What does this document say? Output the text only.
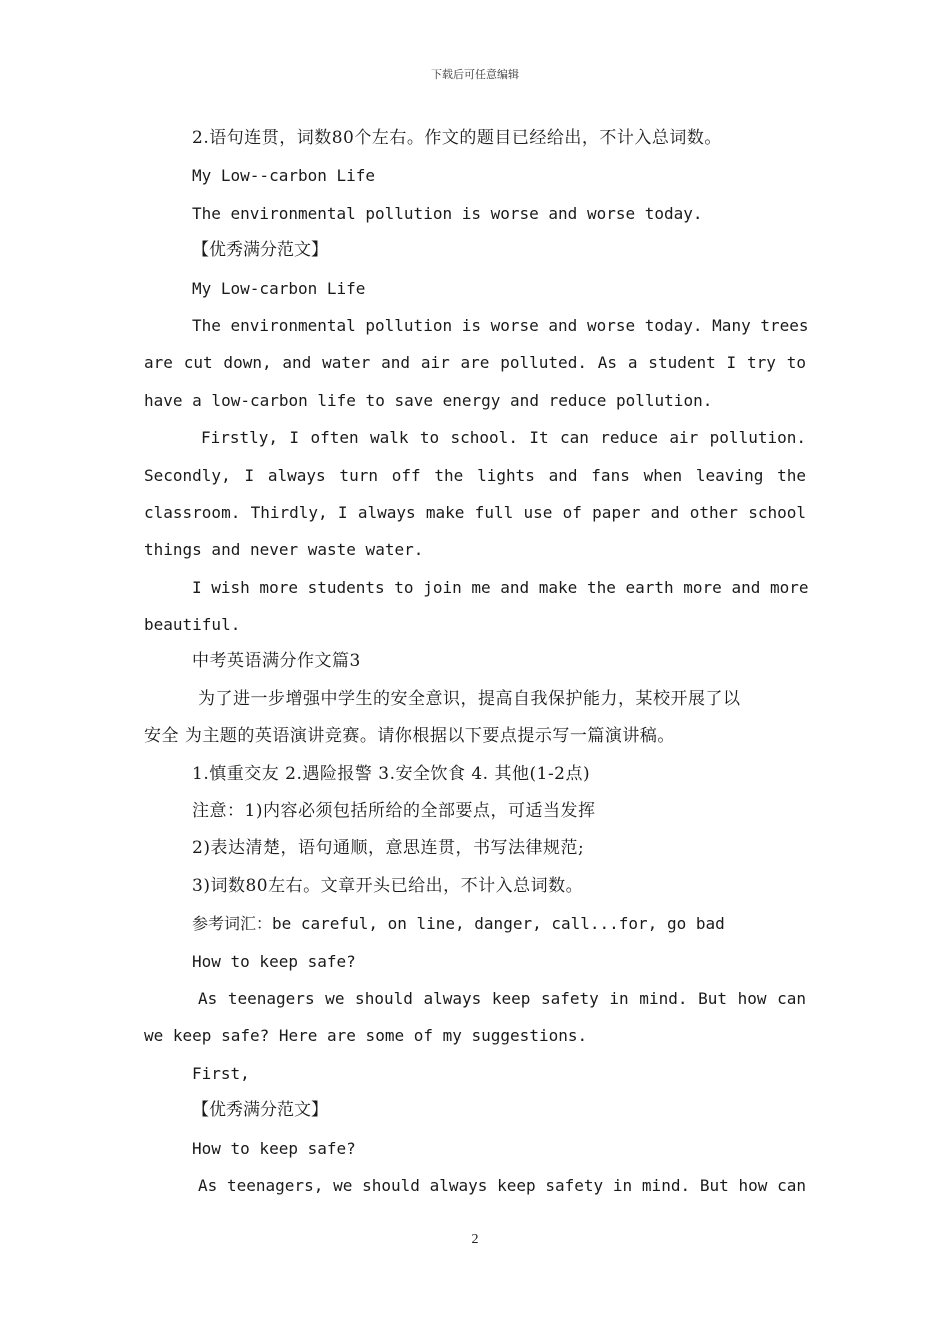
下载后可任意编辑
2.语句连贯，词数80个左右。作文的题目已经给出，不计入总词数。
My Low--carbon Life
The environmental pollution is worse and worse today.
【优秀满分范文】
My Low-carbon Life
The environmental pollution is worse and worse today. Many trees
are cut down, and water and air are polluted. As a student I try to
have a low-carbon life to save energy and reduce pollution.
Firstly, I often walk to school. It can reduce air pollution.
Secondly, I always turn off the lights and fans when leaving the
classroom. Thirdly, I always make full use of paper and other school
things and never waste water.
I wish more students to join me and make the earth more and more
beautiful.
中考英语满分作文篇3
为了进一步增强中学生的安全意识，提高自我保护能力，某校开展了以
安全 为主题的英语演讲竞赛。请你根据以下要点提示写一篇演讲稿。
1.慎重交友 2.遇险报警 3.安全饮食 4. 其他(1-2点)
注意：1)内容必须包括所给的全部要点，可适当发挥
2)表达清楚，语句通顺，意思连贯，书写法律规范;
3)词数80左右。文章开头已给出，不计入总词数。
参考词汇：be careful, on line, danger, call...for, go bad
How to keep safe?
As teenagers we should always keep safety in mind. But how can
we keep safe? Here are some of my suggestions.
First,
【优秀满分范文】
How to keep safe?
As teenagers, we should always keep safety in mind. But how can
2
